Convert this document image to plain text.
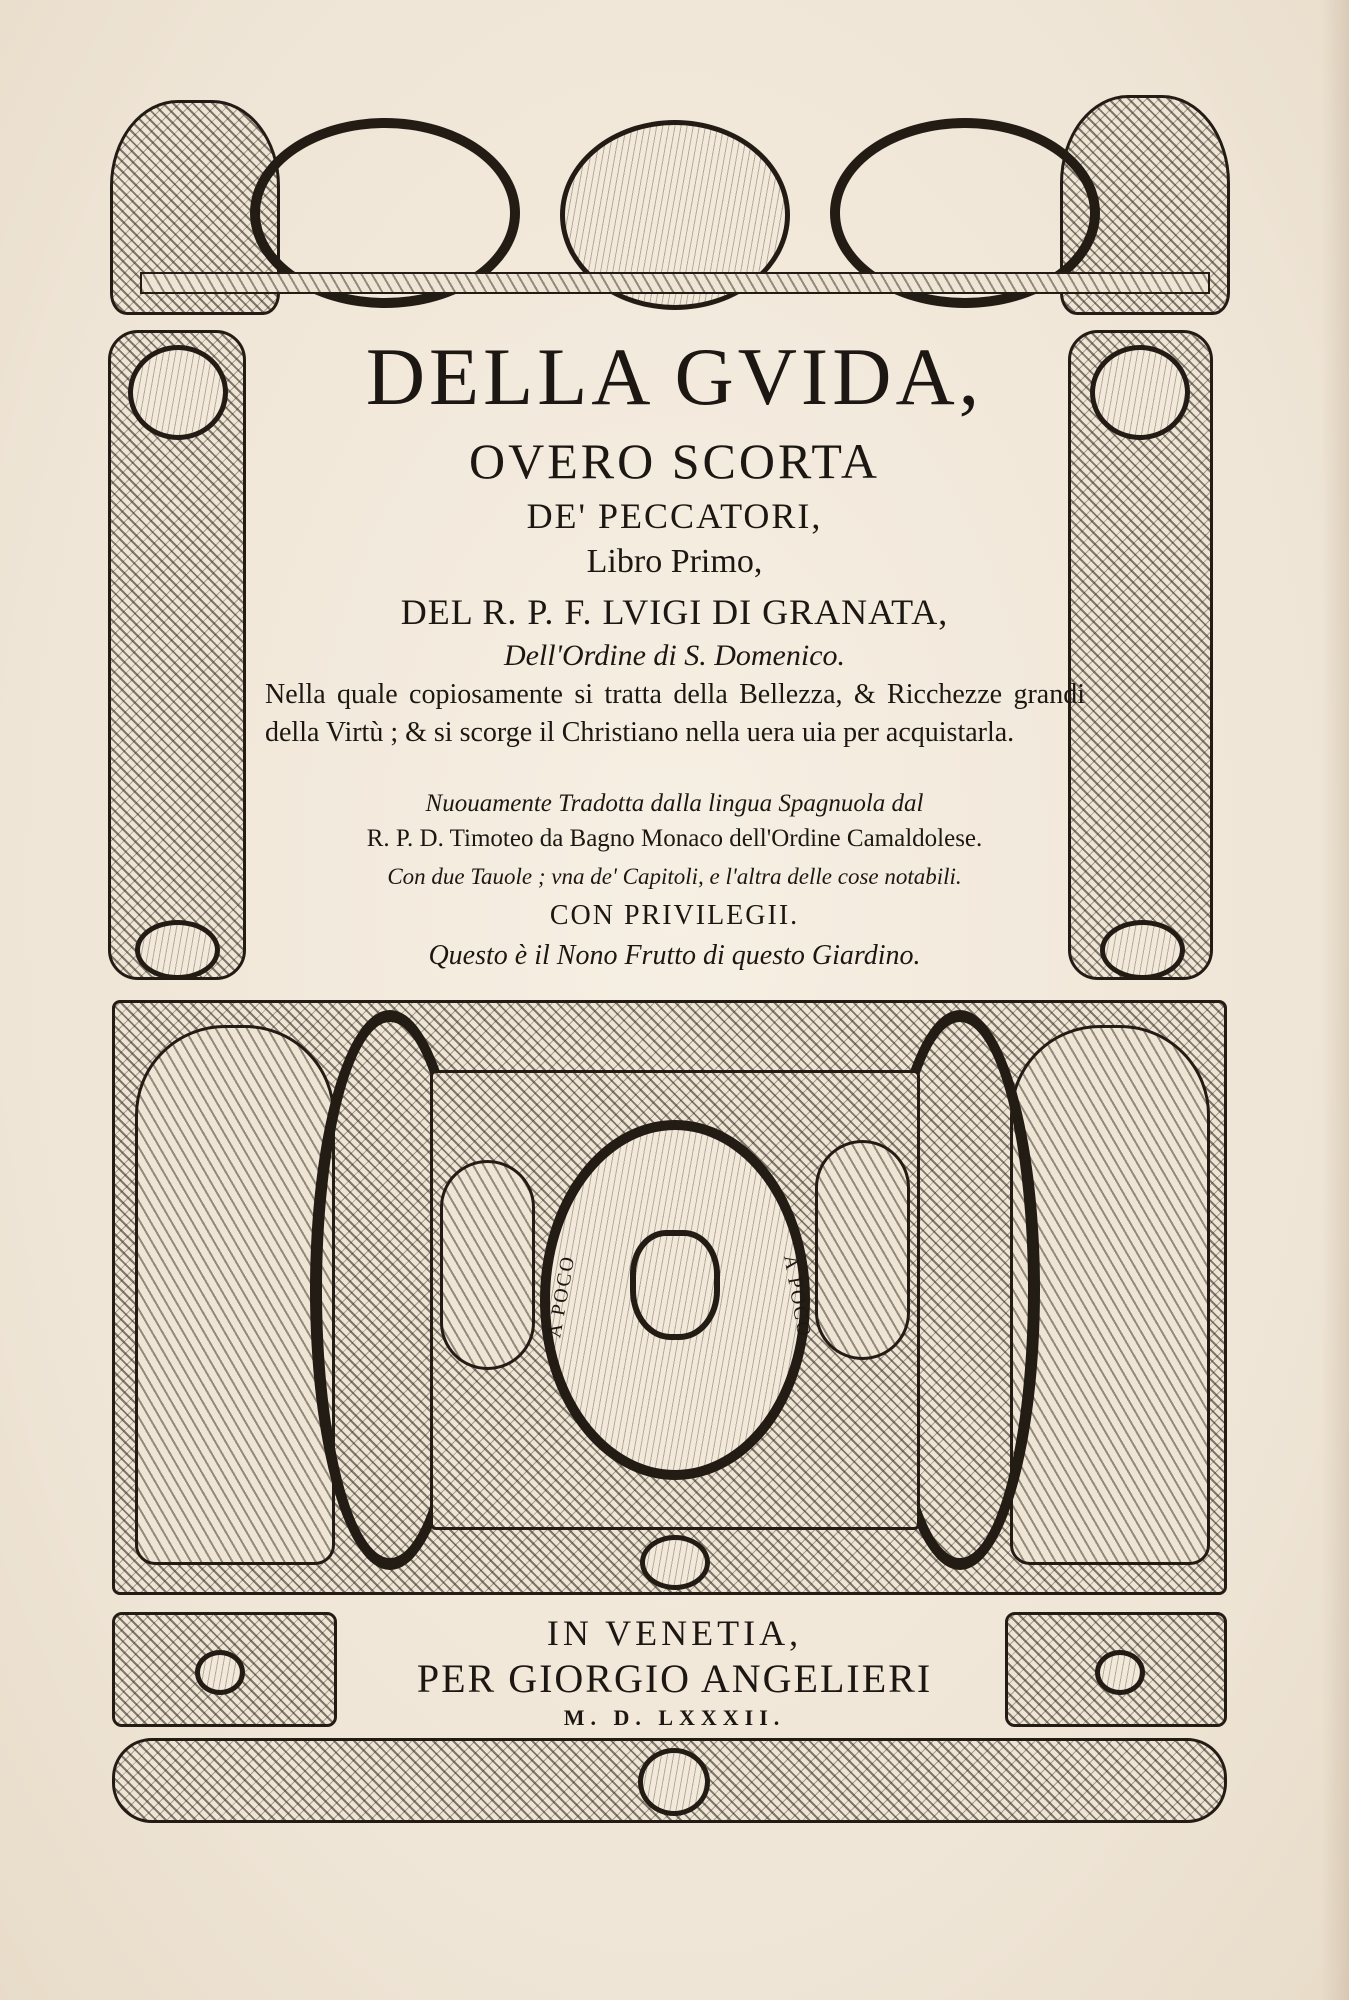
DELLA GVIDA,
OVERO SCORTA
DE' PECCATORI,
Libro Primo,
DEL R. P. F. LVIGI DI GRANATA,
Dell'Ordine di S. Domenico.
Nella quale copiosamente si tratta della Bellezza, & Ricchezze grandi della Virtù ; & si scorge il Christiano nella uera uia per acquistarla.
Nuouamente Tradotta dalla lingua Spagnuola dal
R. P. D. Timoteo da Bagno Monaco dell'Ordine Camaldolese.
Con due Tauole ; vna de' Capitoli, e l'altra delle cose notabili.
CON PRIVILEGII.
Questo è il Nono Frutto di questo Giardino.
A POCO	A POCO
IN VENETIA,
PER GIORGIO ANGELIERI
M. D. LXXXII.
